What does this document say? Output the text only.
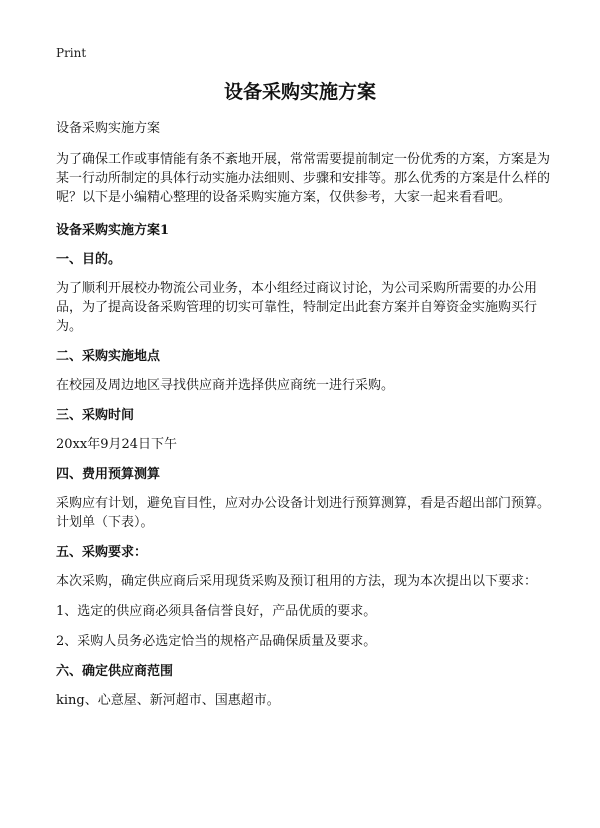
Print
设备采购实施方案

设备采购实施方案

为了确保工作或事情能有条不紊地开展，常常需要提前制定一份优秀的方案，方案是为某一行动所制定的具体行动实施办法细则、步骤和安排等。那么优秀的方案是什么样的呢？以下是小编精心整理的设备采购实施方案，仅供参考，大家一起来看看吧。

设备采购实施方案1
一、目的。

为了顺利开展校办物流公司业务，本小组经过商议讨论，为公司采购所需要的办公用品，为了提高设备采购管理的切实可靠性，特制定出此套方案并自筹资金实施购买行为。

二、采购实施地点

在校园及周边地区寻找供应商并选择供应商统一进行采购。

三、采购时间

20xx年9月24日下午

四、费用预算测算

采购应有计划，避免盲目性，应对办公设备计划进行预算测算，看是否超出部门预算。计划单（下表）。

五、采购要求：

本次采购，确定供应商后采用现货采购及预订租用的方法，现为本次提出以下要求：

1、选定的供应商必须具备信誉良好，产品优质的要求。

2、采购人员务必选定恰当的规格产品确保质量及要求。

六、确定供应商范围

king、心意屋、新河超市、国惠超市。
